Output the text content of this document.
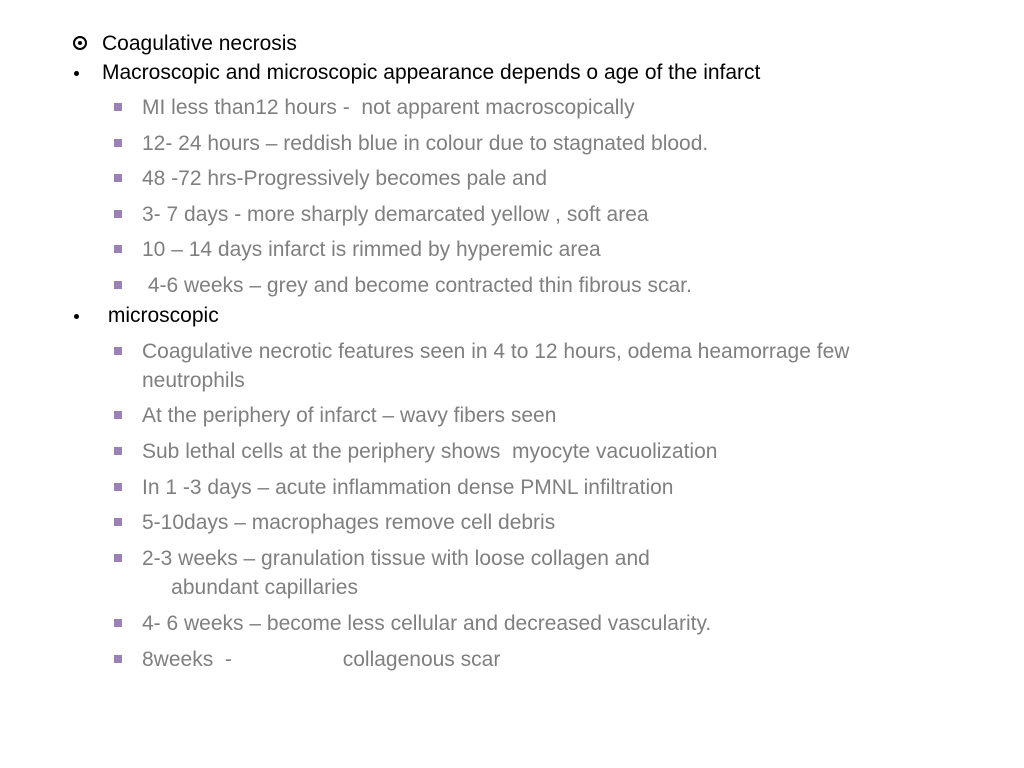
Coagulative necrosis
Macroscopic and microscopic appearance depends o age of the infarct
MI less than12 hours -  not apparent macroscopically
12- 24 hours – reddish blue in colour due to stagnated blood.
48 -72 hrs-Progressively becomes pale and
3- 7 days - more sharply demarcated yellow , soft area
10 – 14 days infarct is rimmed by hyperemic area
4-6 weeks – grey and become contracted thin fibrous scar.
microscopic
Coagulative necrotic features seen in 4 to 12 hours, odema heamorrage few
neutrophils
At the periphery of infarct – wavy fibers seen
Sub lethal cells at the periphery shows  myocyte vacuolization
In 1 -3 days – acute inflammation dense PMNL infiltration
5-10days – macrophages remove cell debris
2-3 weeks – granulation tissue with loose collagen and
abundant capillaries
4- 6 weeks – become less cellular and decreased vascularity.
8weeks  -                   collagenous scar
